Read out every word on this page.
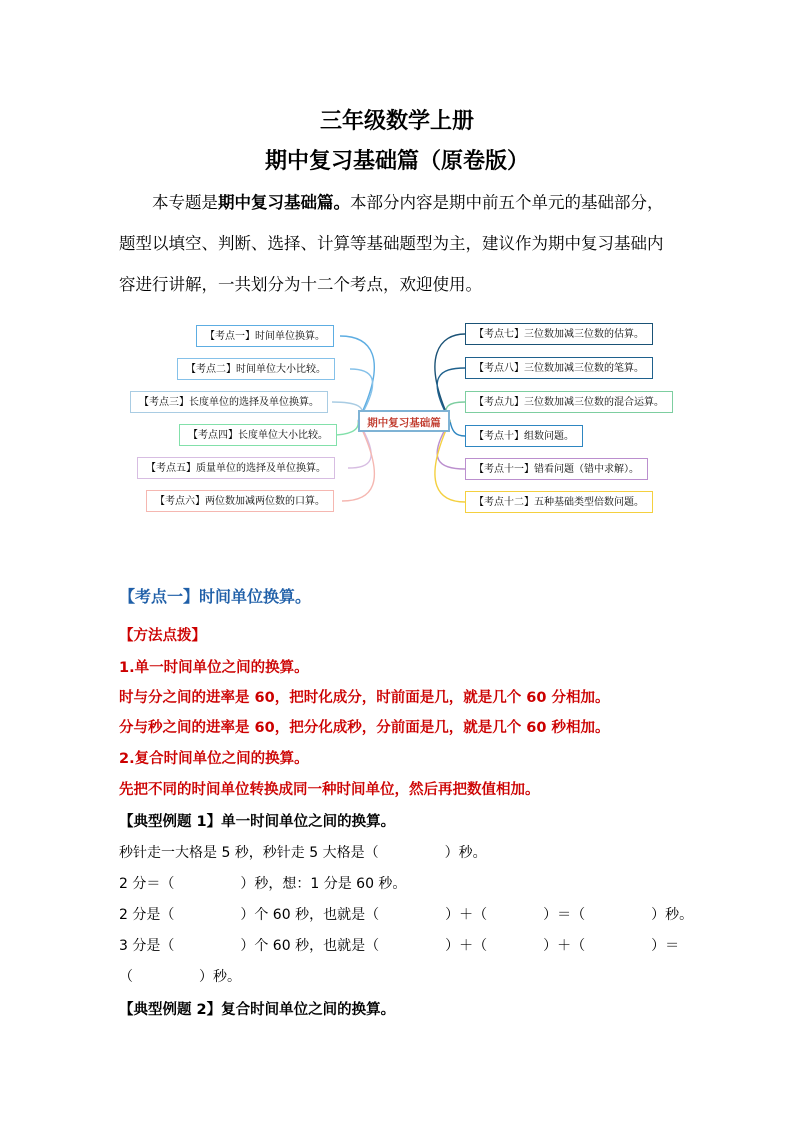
三年级数学上册
期中复习基础篇（原卷版）
本专题是期中复习基础篇。本部分内容是期中前五个单元的基础部分，题型以填空、判断、选择、计算等基础题型为主，建议作为期中复习基础内容进行讲解，一共划分为十二个考点，欢迎使用。
期中复习基础篇
【考点一】时间单位换算。
【考点二】时间单位大小比较。
【考点三】长度单位的选择及单位换算。
【考点四】长度单位大小比较。
【考点五】质量单位的选择及单位换算。
【考点六】两位数加减两位数的口算。
【考点七】三位数加减三位数的估算。
【考点八】三位数加减三位数的笔算。
【考点九】三位数加减三位数的混合运算。
【考点十】组数问题。
【考点十一】错看问题（错中求解）。
【考点十二】五种基础类型倍数问题。
【考点一】时间单位换算。
【方法点拨】
1.单一时间单位之间的换算。
时与分之间的进率是 60，把时化成分，时前面是几，就是几个 60 分相加。
分与秒之间的进率是 60，把分化成秒，分前面是几，就是几个 60 秒相加。
2.复合时间单位之间的换算。
先把不同的时间单位转换成同一种时间单位，然后再把数值相加。
【典型例题 1】单一时间单位之间的换算。
秒针走一大格是 5 秒，秒针走 5 大格是（	）秒。
2 分＝（	）秒，想：1 分是 60 秒。
2 分是（	）个 60 秒，也就是（	）＋（	）＝（	）秒。
3 分是（	）个 60 秒，也就是（	）＋（	）＋（	）＝
（	）秒。
【典型例题 2】复合时间单位之间的换算。
